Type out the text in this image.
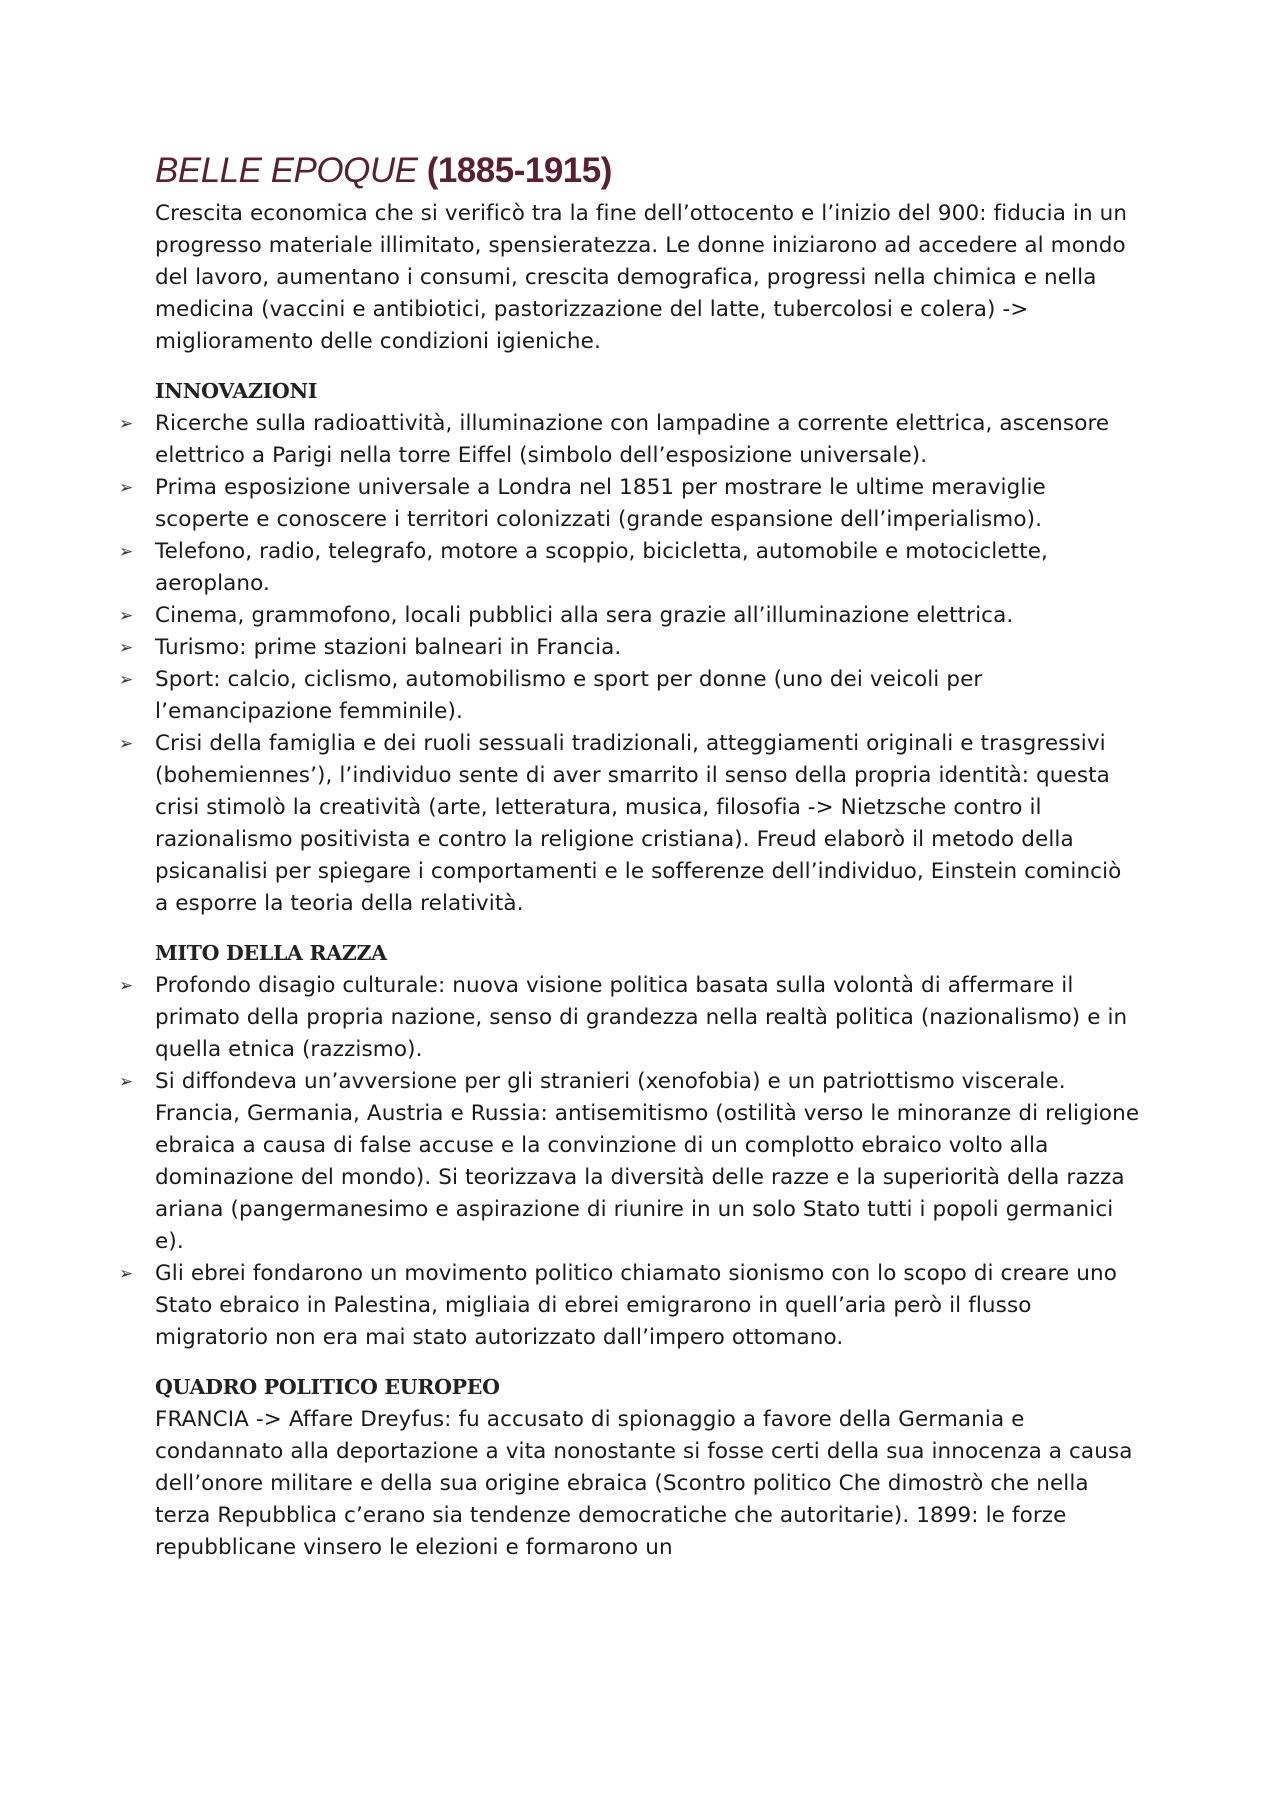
BELLE EPOQUE (1885-1915)

Crescita economica che si verificò tra la fine dell’ottocento e l’inizio del 900: fiducia in un progresso materiale illimitato, spensieratezza. Le donne iniziarono ad accedere al mondo del lavoro, aumentano i consumi, crescita demografica, progressi nella chimica e nella medicina (vaccini e antibiotici, pastorizzazione del latte, tubercolosi e colera) -> miglioramento delle condizioni igieniche.

INNOVAZIONI
➢	Ricerche sulla radioattività, illuminazione con lampadine a corrente elettrica, ascensore elettrico a Parigi nella torre Eiffel (simbolo dell’esposizione universale).
➢	Prima esposizione universale a Londra nel 1851 per mostrare le ultime meraviglie scoperte e conoscere i territori colonizzati (grande espansione dell’imperialismo).
➢	Telefono, radio, telegrafo, motore a scoppio, bicicletta, automobile e motociclette, aeroplano.
➢	Cinema, grammofono, locali pubblici alla sera grazie all’illuminazione elettrica.
➢	Turismo: prime stazioni balneari in Francia.
➢	Sport: calcio, ciclismo, automobilismo e sport per donne (uno dei veicoli per l’emancipazione femminile).
➢	Crisi della famiglia e dei ruoli sessuali tradizionali, atteggiamenti originali e trasgressivi (bohemiennes’), l’individuo sente di aver smarrito il senso della propria identità: questa crisi stimolò la creatività (arte, letteratura, musica, filosofia -> Nietzsche contro il razionalismo positivista e contro la religione cristiana). Freud elaborò il metodo della psicanalisi per spiegare i comportamenti e le sofferenze dell’individuo, Einstein cominciò a esporre la teoria della relatività.
MITO DELLA RAZZA
➢	Profondo disagio culturale: nuova visione politica basata sulla volontà di affermare il primato della propria nazione, senso di grandezza nella realtà politica (nazionalismo) e in quella etnica (razzismo).
➢	Si diffondeva un’avversione per gli stranieri (xenofobia) e un patriottismo viscerale. Francia, Germania, Austria e Russia: antisemitismo (ostilità verso le minoranze di religione ebraica a causa di false accuse e la convinzione di un complotto ebraico volto alla dominazione del mondo). Si teorizzava la diversità delle razze e la superiorità della razza ariana (pangermanesimo e aspirazione di riunire in un solo Stato tutti i popoli germanici e).
➢	Gli ebrei fondarono un movimento politico chiamato sionismo con lo scopo di creare uno Stato ebraico in Palestina, migliaia di ebrei emigrarono in quell’aria però il flusso migratorio non era mai stato autorizzato dall’impero ottomano.
QUADRO POLITICO EUROPEO

FRANCIA -> Affare Dreyfus: fu accusato di spionaggio a favore della Germania e condannato alla deportazione a vita nonostante si fosse certi della sua innocenza a causa dell’onore militare e della sua origine ebraica (Scontro politico Che dimostrò che nella terza Repubblica c’erano sia tendenze democratiche che autoritarie). 1899: le forze repubblicane vinsero le elezioni e formarono un
